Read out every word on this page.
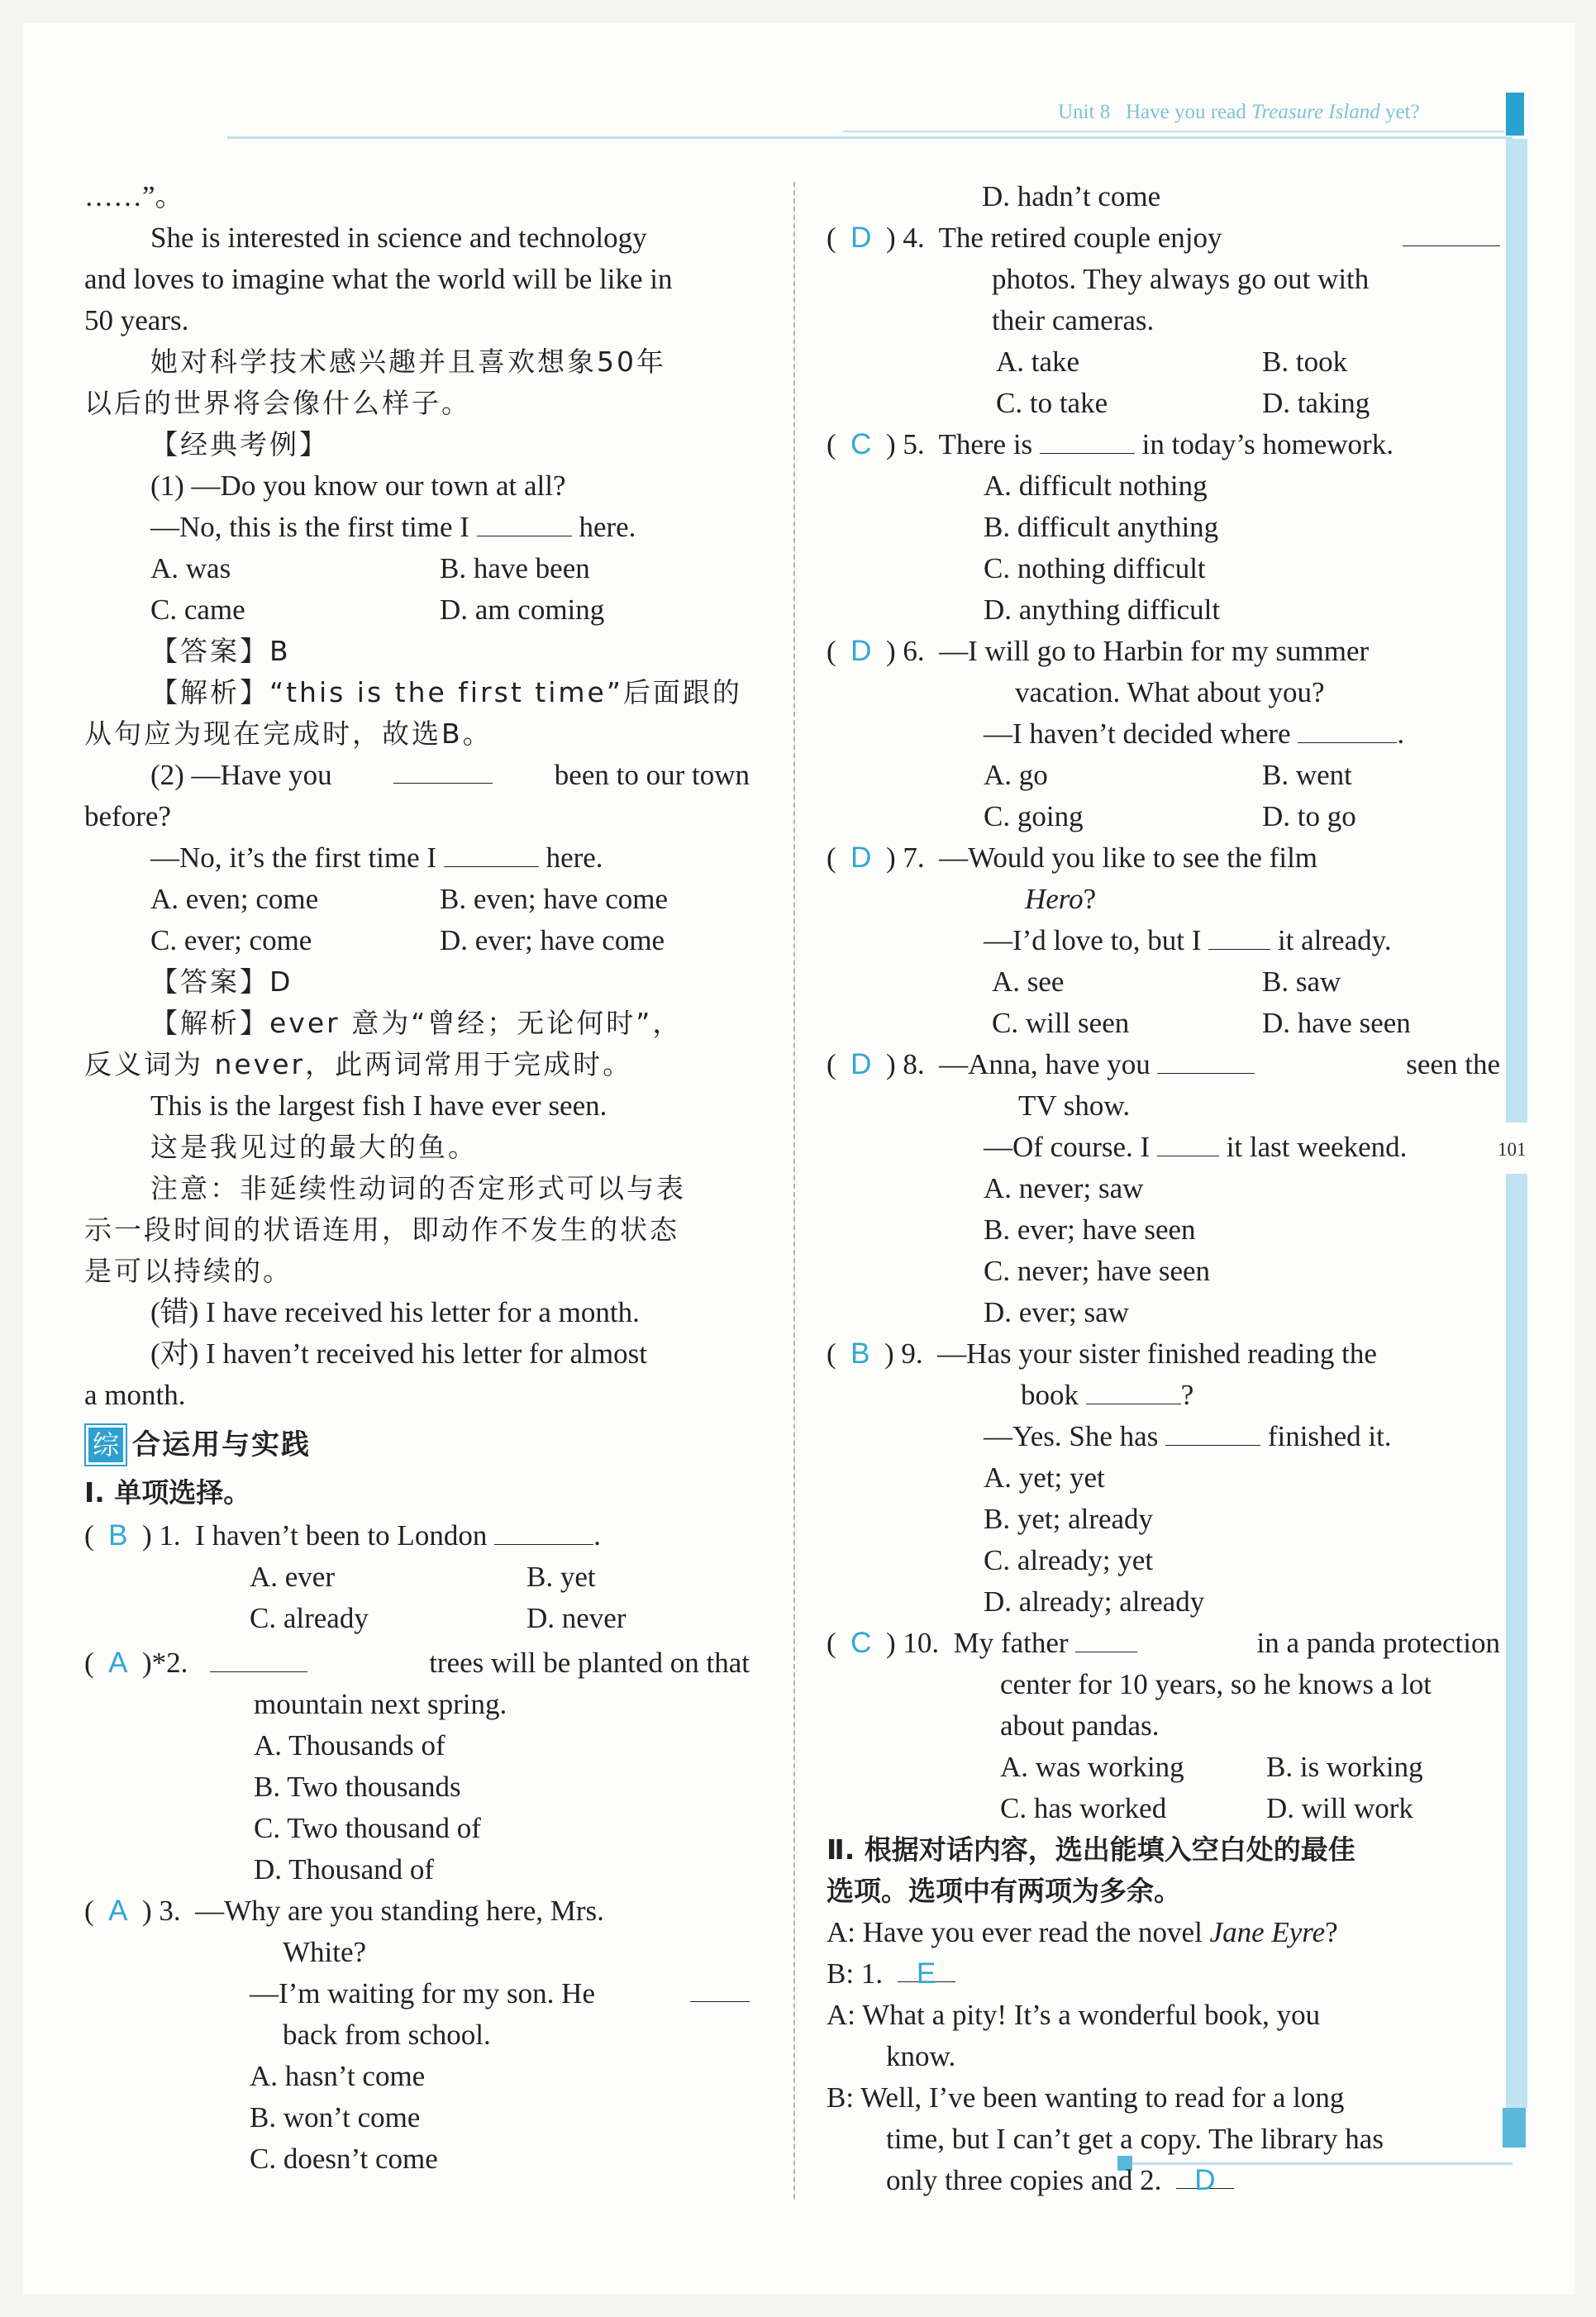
Unit 8 Have you read Treasure Island yet?
101
……”。
She is interested in science and technology
and loves to imagine what the world will be like in
50 years.
她对科学技术感兴趣并且喜欢想象50年
以后的世界将会像什么样子。
【经典考例】
(1) —Do you know our town at all?
—No, this is the first time I	here.
A. was	B. have been
C. came	D. am coming
【答案】B
【解析】“this is the first time”后面跟的
从句应为现在完成时，故选B。
(2) —Have you	been to our town
before?
—No, it’s the first time I	here.
A. even; come	B. even; have come
C. ever; come	D. ever; have come
【答案】D
【解析】ever 意为“曾经；无论何时”，
反义词为 never，此两词常用于完成时。
This is the largest fish I have ever seen.
这是我见过的最大的鱼。
注意：非延续性动词的否定形式可以与表
示一段时间的状语连用，即动作不发生的状态
是可以持续的。
(错) I have received his letter for a month.
(对) I haven’t received his letter for almost
a month.
综 合运用与实践
Ⅰ. 单项选择。
(  B  ) 1. I haven’t been to London	.
A. ever	B. yet
C. already	D. never
(  A  )*2.	trees will be planted on that
mountain next spring.
A. Thousands of
B. Two thousands
C. Two thousand of
D. Thousand of
(  A  ) 3. —Why are you standing here, Mrs.
White?
—I’m waiting for my son. He
back from school.
A. hasn’t come
B. won’t come
C. doesn’t come
D. hadn’t come
(  D  ) 4. The retired couple enjoy
photos. They always go out with
their cameras.
A. take	B. took
C. to take	D. taking
(  C  ) 5. There is	in today’s homework.
A. difficult nothing
B. difficult anything
C. nothing difficult
D. anything difficult
(  D  ) 6. —I will go to Harbin for my summer
vacation. What about you?
—I haven’t decided where	.
A. go	B. went
C. going	D. to go
(  D  ) 7. —Would you like to see the film
Hero?
—I’d love to, but I	it already.
A. see	B. saw
C. will seen	D. have seen
(  D  ) 8. —Anna, have you	seen the
TV show.
—Of course. I	it last weekend.
A. never; saw
B. ever; have seen
C. never; have seen
D. ever; saw
(  B  ) 9. —Has your sister finished reading the
book	?
—Yes. She has	finished it.
A. yet; yet
B. yet; already
C. already; yet
D. already; already
(  C  ) 10. My father	in a panda protection
center for 10 years, so he knows a lot
about pandas.
A. was working	B. is working
C. has worked	D. will work
Ⅱ. 根据对话内容，选出能填入空白处的最佳
选项。选项中有两项为多余。
A: Have you ever read the novel Jane Eyre?
B: 1. E
A: What a pity! It’s a wonderful book, you
know.
B: Well, I’ve been wanting to read for a long
time, but I can’t get a copy. The library has
only three copies and 2. D
